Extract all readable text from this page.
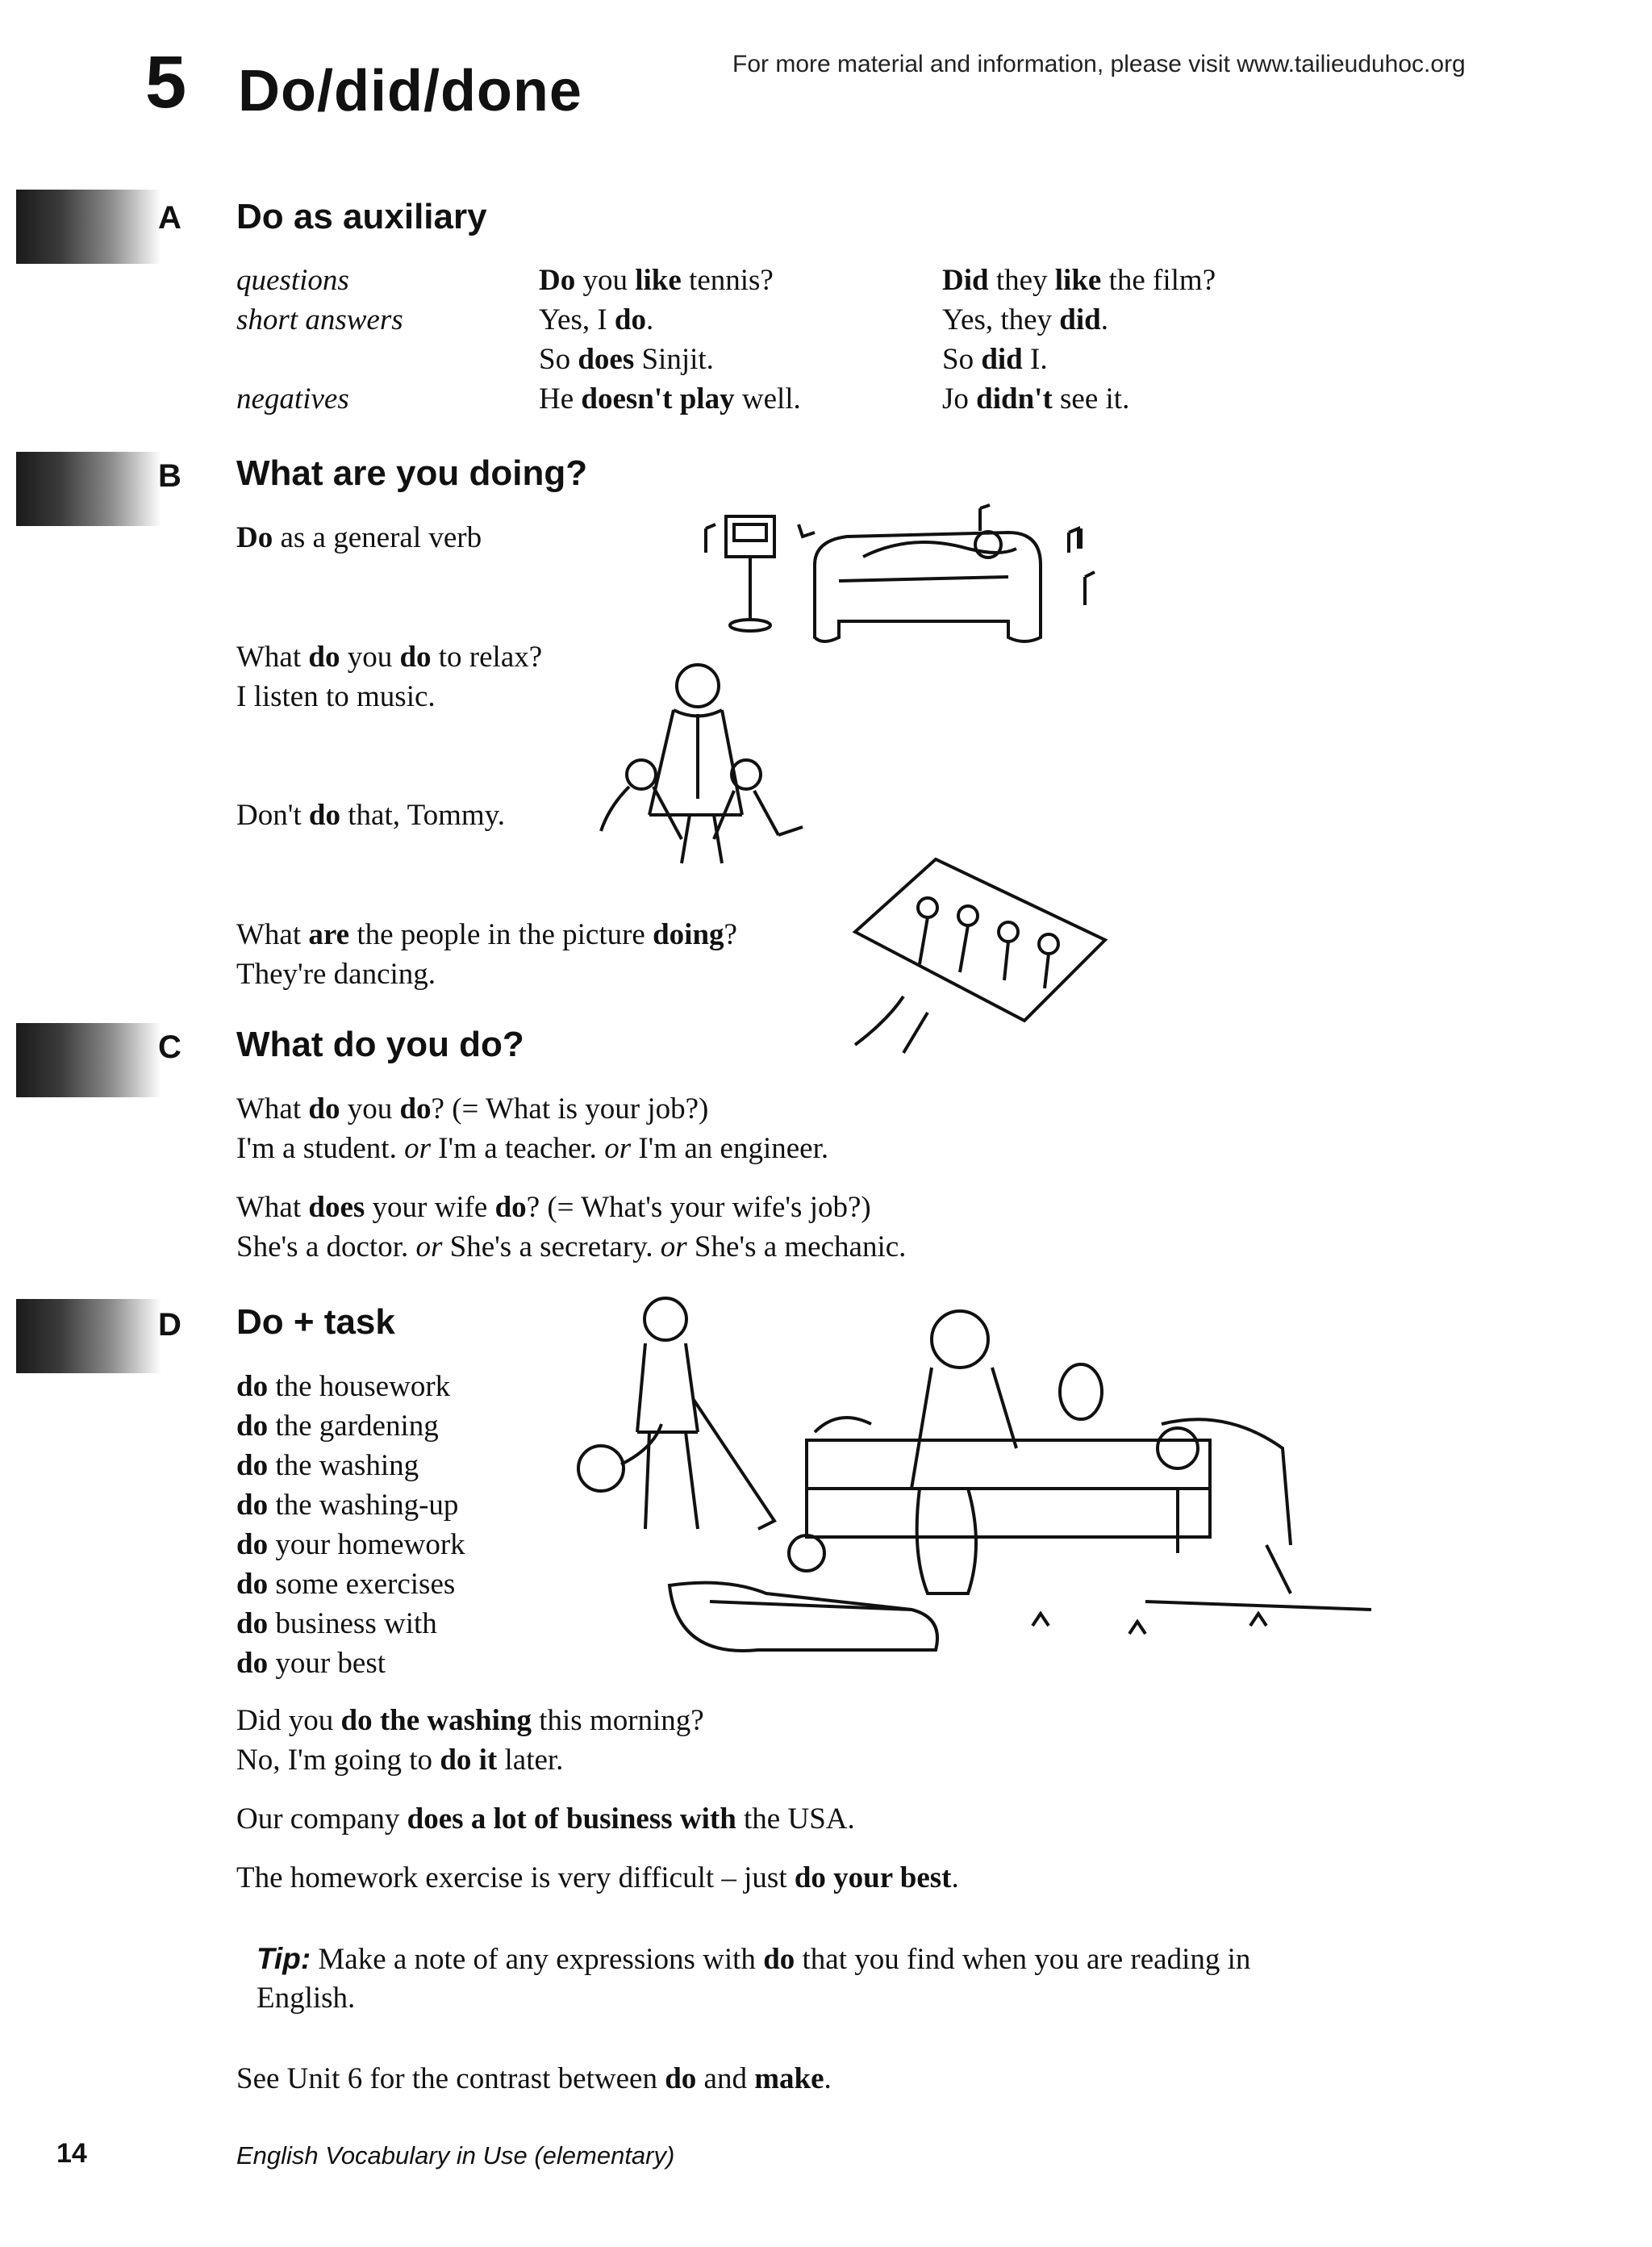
5 Do/did/done	For more material and information, please visit www.tailieuduhoc.org
A Do as auxiliary
questions
short answers
negatives
Do you like tennis?
Yes, I do.
So does Sinjit.
He doesn't play well.
Did they like the film?
Yes, they did.
So did I.
Jo didn't see it.
B What are you doing?
Do as a general verb
What do you do to relax?
I listen to music.
Don't do that, Tommy.
What are the people in the picture doing?
They're dancing.
C What do you do?
What do you do? (= What is your job?)
I'm a student. or I'm a teacher. or I'm an engineer.
What does your wife do? (= What's your wife's job?)
She's a doctor. or She's a secretary. or She's a mechanic.
D Do + task
do the housework
do the gardening
do the washing
do the washing-up
do your homework
do some exercises
do business with
do your best
Did you do the washing this morning?
No, I'm going to do it later.
Our company does a lot of business with the USA.
The homework exercise is very difficult – just do your best.
Tip: Make a note of any expressions with do that you find when you are reading in
English.
See Unit 6 for the contrast between do and make.
14	English Vocabulary in Use (elementary)
